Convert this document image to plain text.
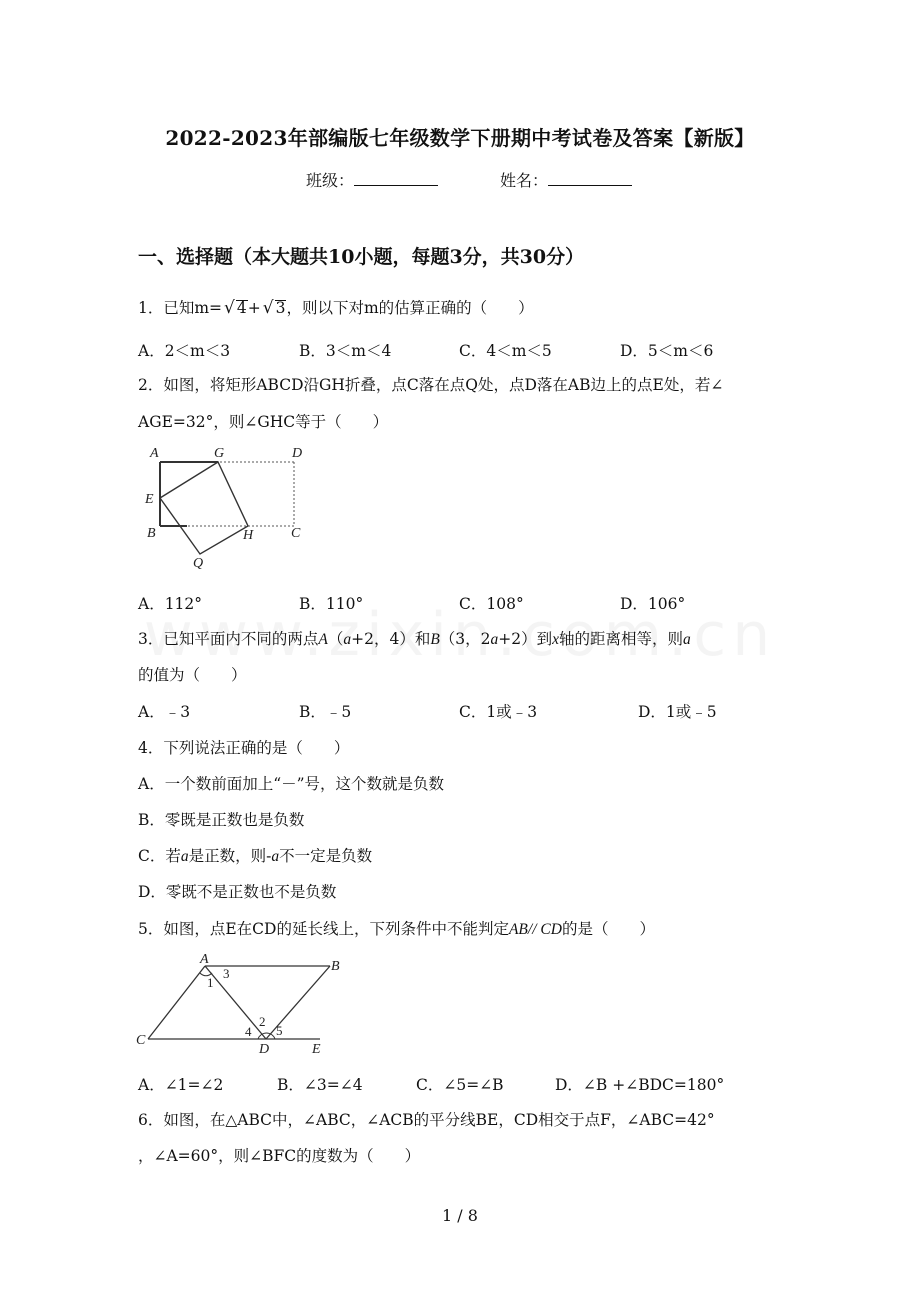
2022-2023年部编版七年级数学下册期中考试卷及答案【新版】
班级：	姓名：
一、选择题（本大题共10小题，每题3分，共30分）
1．已知m= √ 4+ √ 3，则以下对m的估算正确的（　　）
A．2＜m＜3	B．3＜m＜4	C．4＜m＜5	D．5＜m＜6
2．如图，将矩形ABCD沿GH折叠，点C落在点Q处，点D落在AB边上的点E处，若∠
AGE=32°，则∠GHC等于（　　）
A	G	D
E
B	H	C
Q
A．112°	B．110°	C．108°	D．106°
3．已知平面内不同的两点A（a+2，4）和B（3，2a+2）到x轴的距离相等，则a
的值为（　　）
A．﹣3	B．﹣5	C．1或﹣3	D．1或﹣5
4．下列说法正确的是（　　）
A．一个数前面加上“－”号，这个数就是负数
B．零既是正数也是负数
C．若a是正数，则-a不一定是负数
D．零既不是正数也不是负数
5．如图，点E在CD的延长线上，下列条件中不能判定AB// CD的是（　　）
A	B
C
D	E
1
2
3
4 5
A．∠1=∠2	B．∠3=∠4	C．∠5=∠B	D．∠B +∠BDC=180°
6．如图，在△ABC中，∠ABC，∠ACB的平分线BE，CD相交于点F，∠ABC=42°
，∠A=60°，则∠BFC的度数为（　　）
1 / 8
